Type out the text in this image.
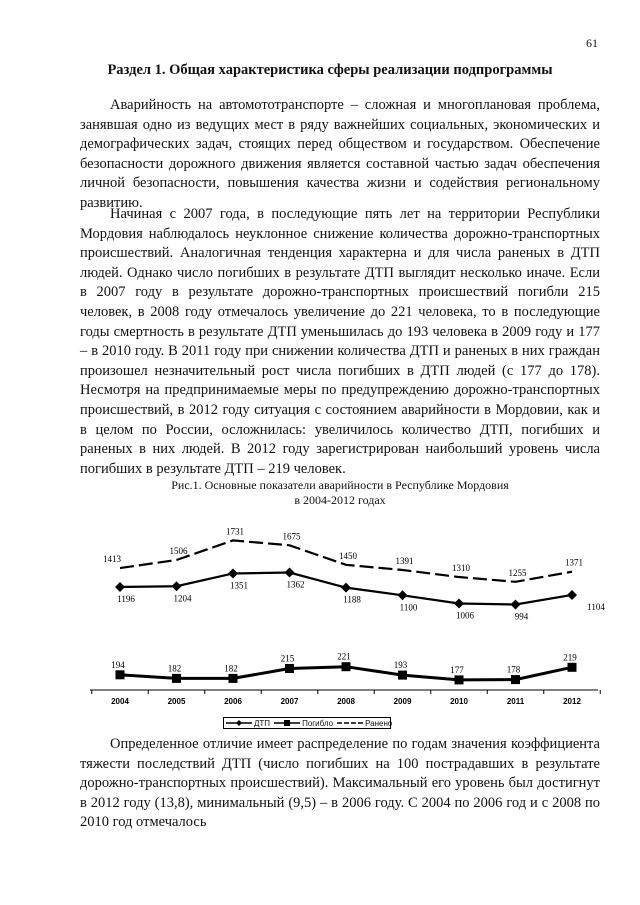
61
Раздел 1. Общая характеристика сферы реализации подпрограммы

Аварийность на автомототранспорте – сложная и многоплановая проблема, занявшая одно из ведущих мест в ряду важнейших социальных, экономических и демографических задач, стоящих перед обществом и государством. Обеспечение безопасности дорожного движения является составной частью задач обеспечения личной безопасности, повышения качества жизни и содействия региональному развитию.

Начиная с 2007 года, в последующие пять лет на территории Республики Мордовия наблюдалось неуклонное снижение количества дорожно-транспортных происшествий. Аналогичная тенденция характерна и для числа раненых в ДТП людей. Однако число погибших в результате ДТП выглядит несколько иначе. Если в 2007 году в результате дорожно-транспортных происшествий погибли 215 человек, в 2008 году отмечалось увеличение до 221 человека, то в последующие годы смертность в результате ДТП уменьшилась до 193 человека в 2009 году и 177 – в 2010 году. В 2011 году при снижении количества ДТП и раненых в них граждан произошел незначительный рост числа погибших в ДТП людей (с 177 до 178). Несмотря на предпринимаемые меры по предупреждению дорожно-транспортных происшествий, в 2012 году ситуация с состоянием аварийности в Мордовии, как и в целом по России, осложнилась: увеличилось количество ДТП, погибших и раненых в них людей. В 2012 году зарегистрирован наибольший уровень числа погибших в результате ДТП – 219 человек.

Рис.1. Основные показатели аварийности в Республике Мордовия
в 2004-2012 годах
2004	2005	2006	2007	2008	2009	2010	2011	2012
1413
1506
1731	1675
1450
1391
1310	1255
1371
1196	1204
1351	1362
1188
1100
1006	994
1104
194	182	182
215	221
193	177	178
219
ДТП	Погибло	Ранено

Определенное отличие имеет распределение по годам значения коэффициента тяжести последствий ДТП (число погибших на 100 пострадавших в результате дорожно-транспортных происшествий). Максимальный его уровень был достигнут в 2012 году (13,8), минимальный (9,5) – в 2006 году. С 2004 по 2006 год и с 2008 по 2010 год отмечалось
